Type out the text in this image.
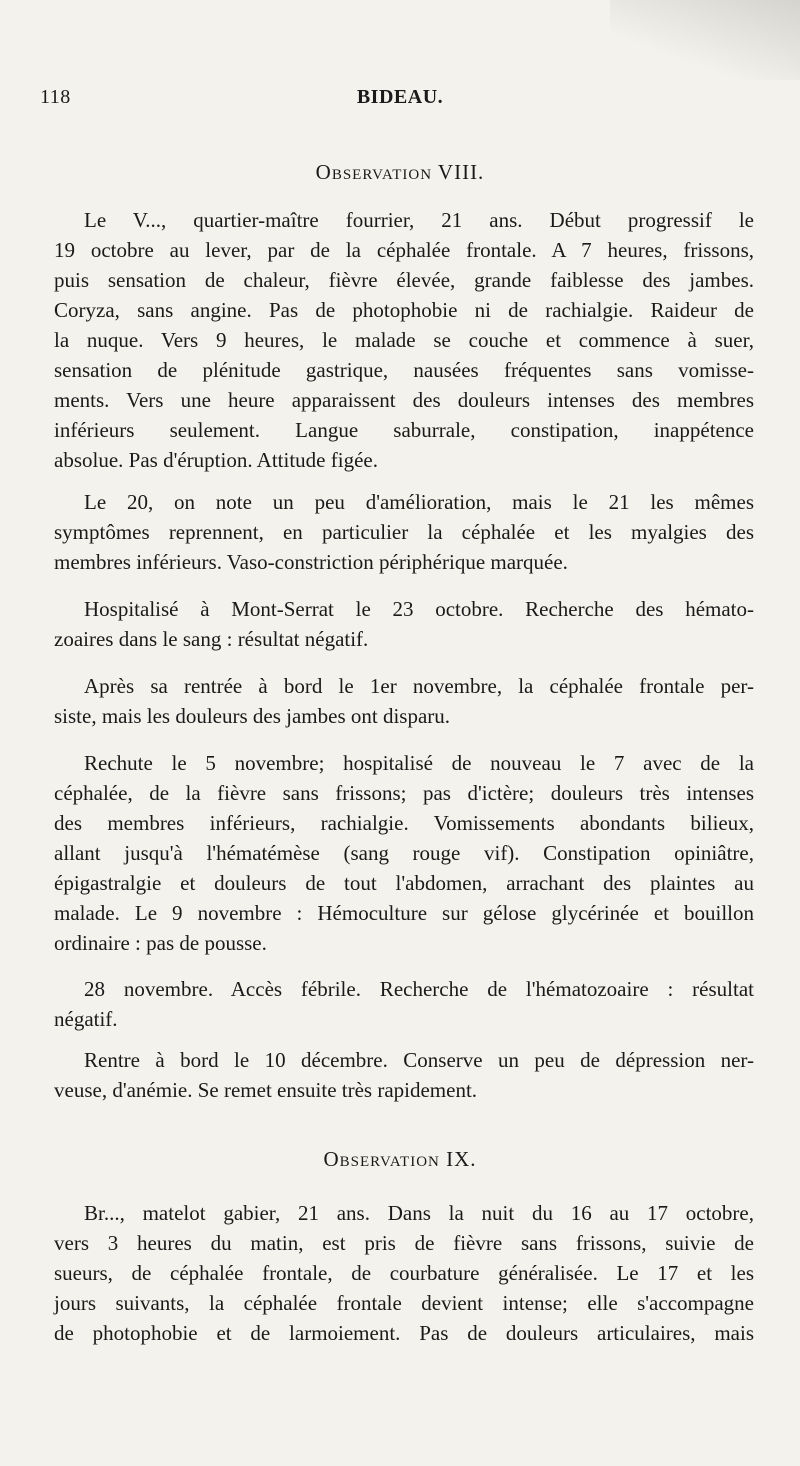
118	BIDEAU.
Observation VIII.
Le V..., quartier-maître fourrier, 21 ans. Début progressif le
19 octobre au lever, par de la céphalée frontale. A 7 heures, frissons,
puis sensation de chaleur, fièvre élevée, grande faiblesse des jambes.
Coryza, sans angine. Pas de photophobie ni de rachialgie. Raideur de
la nuque. Vers 9 heures, le malade se couche et commence à suer,
sensation de plénitude gastrique, nausées fréquentes sans vomisse-
ments. Vers une heure apparaissent des douleurs intenses des membres
inférieurs seulement. Langue saburrale, constipation, inappétence
absolue. Pas d'éruption. Attitude figée.
Le 20, on note un peu d'amélioration, mais le 21 les mêmes
symptômes reprennent, en particulier la céphalée et les myalgies des
membres inférieurs. Vaso-constriction périphérique marquée.
Hospitalisé à Mont-Serrat le 23 octobre. Recherche des hémato-
zoaires dans le sang : résultat négatif.
Après sa rentrée à bord le 1er novembre, la céphalée frontale per-
siste, mais les douleurs des jambes ont disparu.
Rechute le 5 novembre; hospitalisé de nouveau le 7 avec de la
céphalée, de la fièvre sans frissons; pas d'ictère; douleurs très intenses
des membres inférieurs, rachialgie. Vomissements abondants bilieux,
allant jusqu'à l'hématémèse (sang rouge vif). Constipation opiniâtre,
épigastralgie et douleurs de tout l'abdomen, arrachant des plaintes au
malade. Le 9 novembre : Hémoculture sur gélose glycérinée et bouillon
ordinaire : pas de pousse.
28 novembre. Accès fébrile. Recherche de l'hématozoaire : résultat
négatif.
Rentre à bord le 10 décembre. Conserve un peu de dépression ner-
veuse, d'anémie. Se remet ensuite très rapidement.
Observation IX.
Br..., matelot gabier, 21 ans. Dans la nuit du 16 au 17 octobre,
vers 3 heures du matin, est pris de fièvre sans frissons, suivie de
sueurs, de céphalée frontale, de courbature généralisée. Le 17 et les
jours suivants, la céphalée frontale devient intense; elle s'accompagne
de photophobie et de larmoiement. Pas de douleurs articulaires, mais
